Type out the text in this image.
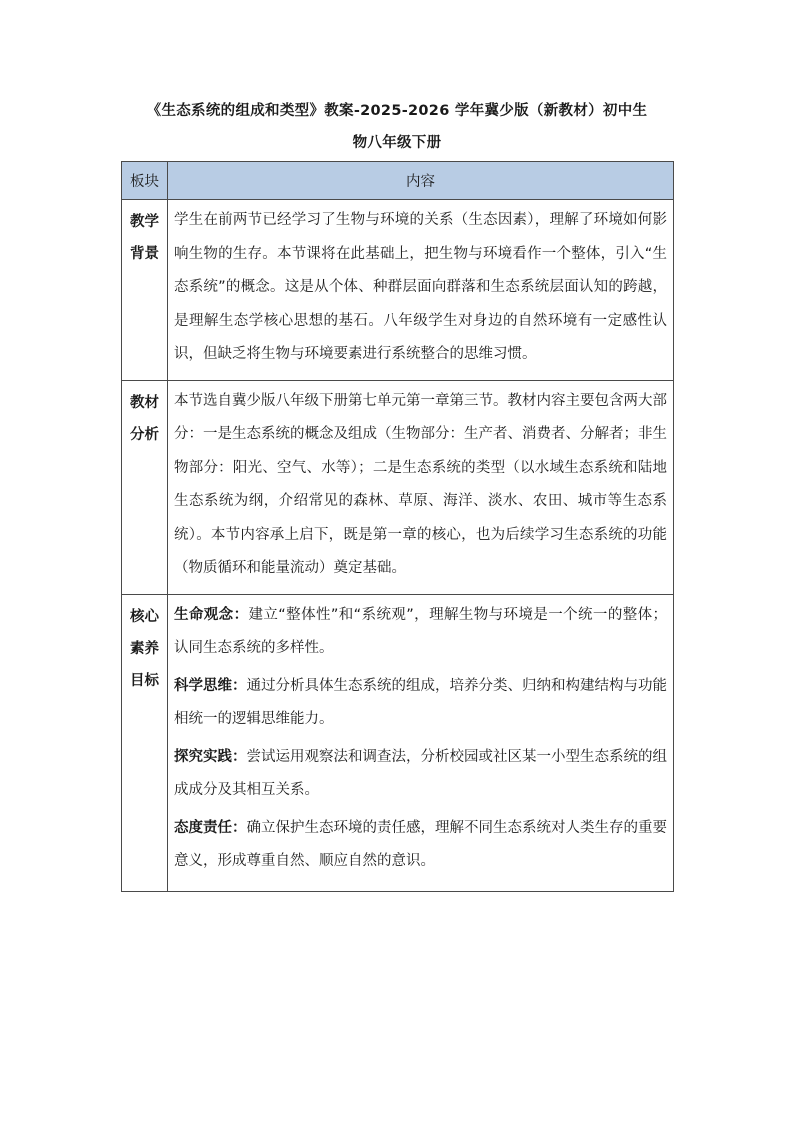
《生态系统的组成和类型》教案-2025-2026 学年冀少版（新教材）初中生
物八年级下册
板块	内容

教学背景	学生在前两节已经学习了生物与环境的关系（生态因素），理解了环境如何影响生物的生存。本节课将在此基础上，把生物与环境看作一个整体，引入“生态系统”的概念。这是从个体、种群层面向群落和生态系统层面认知的跨越，是理解生态学核心思想的基石。八年级学生对身边的自然环境有一定感性认识，但缺乏将生物与环境要素进行系统整合的思维习惯。

教材分析	本节选自冀少版八年级下册第七单元第一章第三节。教材内容主要包含两大部分：一是生态系统的概念及组成（生物部分：生产者、消费者、分解者；非生物部分：阳光、空气、水等）；二是生态系统的类型（以水域生态系统和陆地生态系统为纲，介绍常见的森林、草原、海洋、淡水、农田、城市等生态系统）。本节内容承上启下，既是第一章的核心，也为后续学习生态系统的功能（物质循环和能量流动）奠定基础。

核心素养目标	生命观念：建立“整体性”和“系统观”，理解生物与环境是一个统一的整体；认同生态系统的多样性。

科学思维：通过分析具体生态系统的组成，培养分类、归纳和构建结构与功能相统一的逻辑思维能力。

探究实践：尝试运用观察法和调查法，分析校园或社区某一小型生态系统的组成成分及其相互关系。

态度责任：确立保护生态环境的责任感，理解不同生态系统对人类生存的重要意义，形成尊重自然、顺应自然的意识。
